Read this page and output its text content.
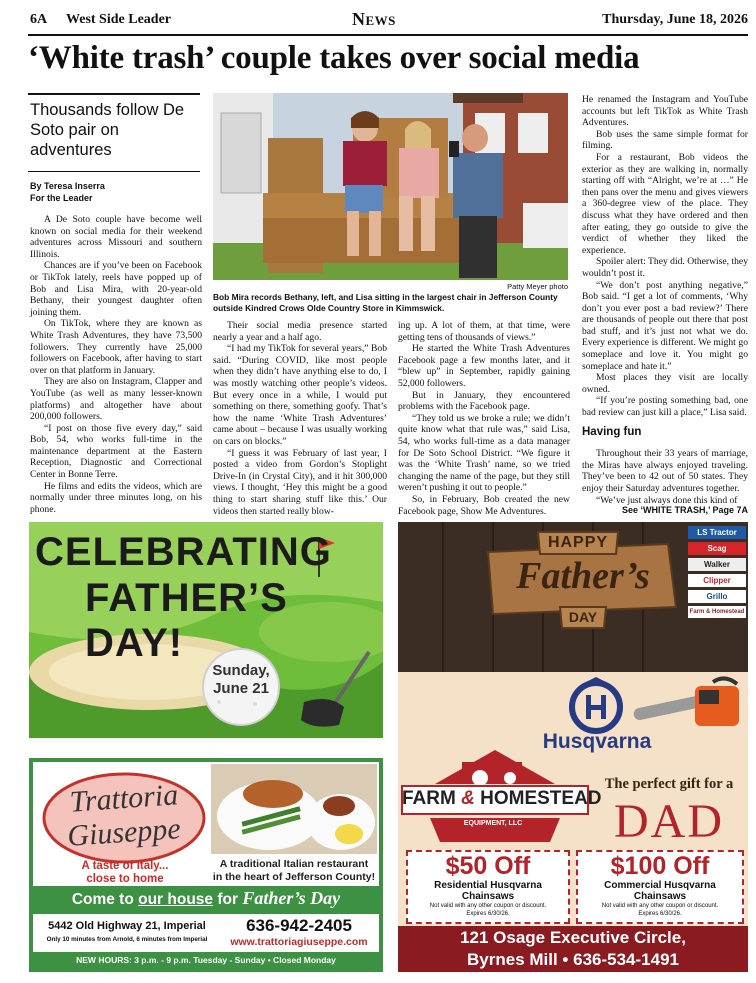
6A West Side Leader	News	Thursday, June 18, 2026
‘White trash’ couple takes over social media
Thousands follow De Soto pair on adventures
By Teresa Inserra
For the Leader

A De Soto couple have become well known on social media for their weekend adventures across Missouri and southern Illinois.

Chances are if you’ve been on Facebook or TikTok lately, reels have popped up of Bob and Lisa Mira, with 20-year-old Bethany, their youngest daughter often joining them.

On TikTok, where they are known as White Trash Adventures, they have 73,500 followers. They currently have 25,000 followers on Facebook, after having to start over on that platform in January.

They are also on Instagram, Clapper and YouTube (as well as many lesser-known platforms) and altogether have about 200,000 followers.

“I post on those five every day,” said Bob, 54, who works full-time in the maintenance department at the Eastern Reception, Diagnostic and Correctional Center in Bonne Terre.

He films and edits the videos, which are normally under three minutes long, on his phone.

Patty Meyer photo
Bob Mira records Bethany, left, and Lisa sitting in the largest chair in Jefferson County outside Kindred Crows Olde Country Store in Kimmswick.

Their social media presence started nearly a year and a half ago.

“I had my TikTok for several years,” Bob said. “During COVID, like most people when they didn’t have anything else to do, I was mostly watching other people’s videos. But every once in a while, I would put something on there, something goofy. That’s how the name ‘White Trash Adventures’ came about – because I was usually working on cars on blocks.”

“I guess it was February of last year, I posted a video from Gordon’s Stoplight Drive-In (in Crystal City), and it hit 300,000 views. I thought, ‘Hey this might be a good thing to start sharing stuff like this.’ Our videos then started really blow-

ing up. A lot of them, at that time, were getting tens of thousands of views.”

He started the White Trash Adventures Facebook page a few months later, and it “blew up” in September, rapidly gaining 52,000 followers.

But in January, they encountered problems with the Facebook page.

“They told us we broke a rule; we didn’t quite know what that rule was,” said Lisa, 54, who works full-time as a data manager for De Soto School District. “We figure it was the ‘White Trash’ name, so we tried changing the name of the page, but they still weren’t pushing it out to people.”

So, in February, Bob created the new Facebook page, Show Me Adventures.

He renamed the Instagram and YouTube accounts but left TikTok as White Trash Adventures.

Bob uses the same simple format for filming.

For a restaurant, Bob videos the exterior as they are walking in, normally starting off with “Alright, we’re at …” He then pans over the menu and gives viewers a 360-degree view of the place. They discuss what they have ordered and then after eating, they go outside to give the verdict of whether they liked the experience.

Spoiler alert: They did. Otherwise, they wouldn’t post it.

“We don’t post anything negative,” Bob said. “I get a lot of comments, ‘Why don’t you ever post a bad review?’ There are thousands of people out there that post bad stuff, and it’s just not what we do. Every experience is different. We might go someplace and love it. You might go someplace and hate it.”

Most places they visit are locally owned.

“If you’re posting something bad, one bad review can just kill a place,” Lisa said.

Having fun

Throughout their 33 years of marriage, the Miras have always enjoyed traveling. They’ve been to 42 out of 50 states. They enjoy their Saturday adventures together.

“We’ve just always done this kind of

See ‘WHITE TRASH,’ Page 7A
CELEBRATING
FATHER’S DAY!
Sunday,
June 21
Trattoria
Giuseppe
A taste of Italy...
close to home
A traditional Italian restaurant
in the heart of Jefferson County!
Come to our house for Father’s Day
5442 Old Highway 21, Imperial
Only 10 minutes from Arnold, 6 minutes from Imperial
636-942-2405
www.trattoriagiuseppe.com
NEW HOURS: 3 p.m. - 9 p.m. Tuesday - Sunday • Closed Monday
HAPPY
Father’s
DAY
LS Tractor
Scag
Walker
Clipper
Grillo
Farm & Homestead
Husqvarna
FARM & HOMESTEAD
EQUIPMENT, LLC
The perfect gift for a
DAD
$50 Off
Residential Husqvarna
Chainsaws
Not valid with any other coupon or discount.
Expires 6/30/26.
$100 Off
Commercial Husqvarna
Chainsaws
Not valid with any other coupon or discount.
Expires 6/30/26.
121 Osage Executive Circle,
Byrnes Mill • 636-534-1491
